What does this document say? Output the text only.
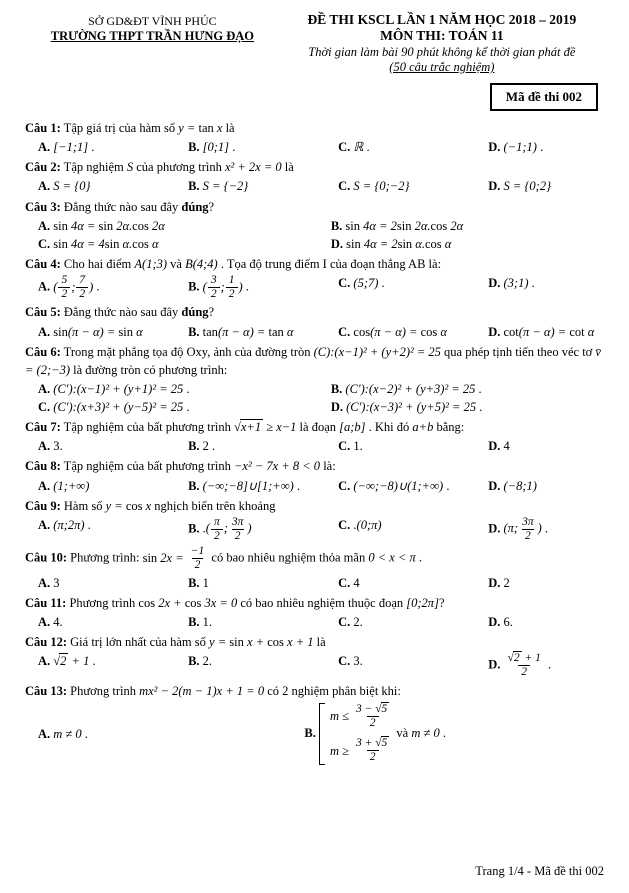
SỞ GD&ĐT VĨNH PHÚC
TRƯỜNG THPT TRẦN HƯNG ĐẠO
ĐỀ THI KSCL LẦN 1 NĂM HỌC 2018 – 2019
MÔN THI: TOÁN 11
Thời gian làm bài 90 phút không kể thời gian phát đề
(50 câu trắc nghiệm)
Mã đề thi 002
Câu 1: Tập giá trị của hàm số y = tan x là
A. [−1;1] .	B. [0;1] .	C. ℝ .	D. (−1;1) .
Câu 2: Tập nghiệm S của phương trình x² + 2x = 0 là
A. S = {0}	B. S = {−2}	C. S = {0;−2}	D. S = {0;2}
Câu 3: Đẳng thức nào sau đây đúng?
A. sin 4α = sin 2α.cos 2α	B. sin 4α = 2sin 2α.cos 2α
C. sin 4α = 4sin α.cos α	D. sin 4α = 2sin α.cos α
Câu 4: Cho hai điểm A(1;3) và B(4;4) . Tọa độ trung điểm I của đoạn thẳng AB là:
A. ( $\frac{5}{2}$ ; $\frac{7}{2}$ ) .	B. ( $\frac{3}{2}$ ; $\frac{1}{2}$ ) .	C. (5;7) .	D. (3;1) .
Câu 5: Đẳng thức nào sau đây đúng?
A. sin(π − α) = sin α	B. tan(π − α) = tan α	C. cos(π − α) = cos α	D. cot(π − α) = cot α
Câu 6: Trong mặt phẳng tọa độ Oxy, ảnh của đường tròn (C):(x−1)² + (y+2)² = 25 qua phép tịnh tiến theo véc tơ v̄ = (2;−3) là đường tròn có phương trình:
A. (C'):(x−1)² + (y+1)² = 25 .	B. (C'):(x−2)² + (y+3)² = 25 .
C. (C'):(x+3)² + (y−5)² = 25 .	D. (C'):(x−3)² + (y+5)² = 25 .
Câu 7: Tập nghiệm của bất phương trình √x+1 ≥ x−1 là đoạn [a;b] . Khi đó a+b bằng:
A. 3.	B. 2 .	C. 1.	D. 4
Câu 8: Tập nghiệm của bất phương trình −x² − 7x + 8 < 0 là:
A. (1;+∞)	B. (−∞;−8]∪[1;+∞) .	C. (−∞;−8)∪(1;+∞) .	D. (−8;1)
Câu 9: Hàm số y = cos x nghịch biến trên khoảng
A. (π;2π) .	B. .( $\frac{\pi}{2}$ ; $\frac{3\pi}{2}$ )	C. .(0;π)	D. (π; $\frac{3\pi}{2}$ ) .
Câu 10: Phương trình: $\sin 2x = \frac{-1}{2}$ có bao nhiêu nghiệm thỏa mãn 0 < x < π .
A. 3	B. 1	C. 4	D. 2
Câu 11: Phương trình cos 2x + cos 3x = 0 có bao nhiêu nghiệm thuộc đoạn [0;2π]?
A. 4.	B. 1.	C. 2.	D. 6.
Câu 12: Giá trị lớn nhất của hàm số y = sin x + cos x + 1 là
A. √2 + 1 .	B. 2.	C. 3.	D. $\frac{√2 + 1}{2}$ .
Câu 13: Phương trình mx² − 2(m − 1)x + 1 = 0 có 2 nghiệm phân biệt khi:
A. m ≠ 0 .	B.
$m \le \frac{3 - √5}{2}$
$m \ge \frac{3 + √5}{2}$
và m ≠ 0 .
Trang 1/4 - Mã đề thi 002
